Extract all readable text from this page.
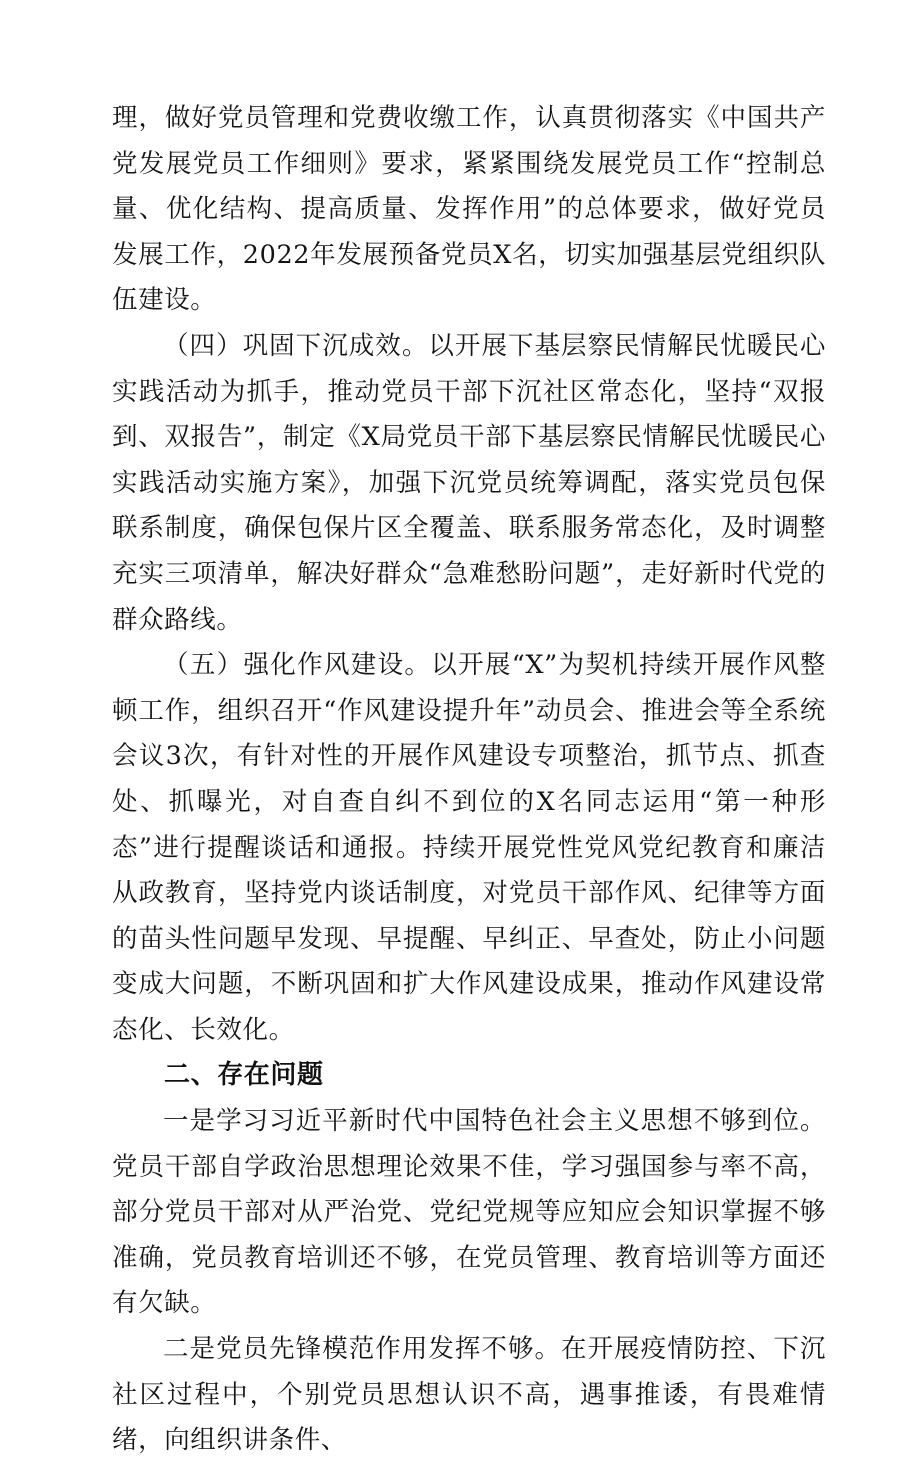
理，做好党员管理和党费收缴工作，认真贯彻落实《中国共产党发展党员工作细则》要求，紧紧围绕发展党员工作“控制总量、优化结构、提高质量、发挥作用”的总体要求，做好党员发展工作，2022年发展预备党员X名，切实加强基层党组织队伍建设。

（四）巩固下沉成效。以开展下基层察民情解民忧暖民心实践活动为抓手，推动党员干部下沉社区常态化，坚持“双报到、双报告”，制定《X局党员干部下基层察民情解民忧暖民心实践活动实施方案》，加强下沉党员统筹调配，落实党员包保联系制度，确保包保片区全覆盖、联系服务常态化，及时调整充实三项清单，解决好群众“急难愁盼问题”，走好新时代党的群众路线。

（五）强化作风建设。以开展“X”为契机持续开展作风整顿工作，组织召开“作风建设提升年”动员会、推进会等全系统会议3次，有针对性的开展作风建设专项整治，抓节点、抓查处、抓曝光，对自查自纠不到位的X名同志运用“第一种形态”进行提醒谈话和通报。持续开展党性党风党纪教育和廉洁从政教育，坚持党内谈话制度，对党员干部作风、纪律等方面的苗头性问题早发现、早提醒、早纠正、早查处，防止小问题变成大问题，不断巩固和扩大作风建设成果，推动作风建设常态化、长效化。

二、存在问题

一是学习习近平新时代中国特色社会主义思想不够到位。党员干部自学政治思想理论效果不佳，学习强国参与率不高，部分党员干部对从严治党、党纪党规等应知应会知识掌握不够准确，党员教育培训还不够，在党员管理、教育培训等方面还有欠缺。

二是党员先锋模范作用发挥不够。在开展疫情防控、下沉社区过程中，个别党员思想认识不高，遇事推诿，有畏难情绪，向组织讲条件、
